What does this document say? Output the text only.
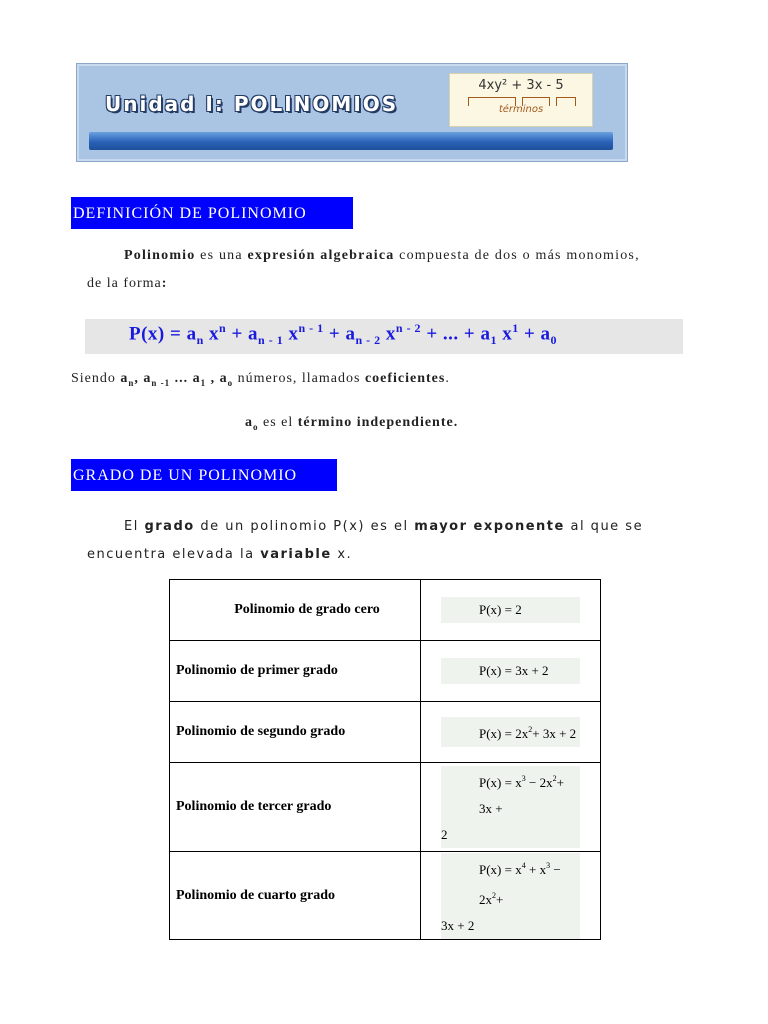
Unidad I: POLINOMIOS
4xy² + 3x - 5
términos
DEFINICIÓN DE POLINOMIO
Polinomio es una expresión algebraica compuesta de dos o más monomios,
de la forma:
$P(x) = a_n$ $x^n + a_{n - 1}$ $x^{n - 1} + a_{n - 2}$ $x^{n - 2}$ + ... + $a_1$ $x^1 + a_0$
Siendo $a_n$, $a_{n -1}$ ... $a_1$ , $a_o$ números, llamados coeficientes.
$a_o$ es el término independiente.
GRADO DE UN POLINOMIO
El grado de un polinomio P(x) es el mayor exponente al que se
encuentra elevada la variable x.
Polinomio de grado cero	P(x) = 2

Polinomio de primer grado	P(x) = 3x + 2

Polinomio de segundo grado	$P(x) = 2x^2+ 3x + 2$

Polinomio de tercer grado	$P(x) = x^3 - 2x^2+ 3x$ +
2

Polinomio de cuarto grado	$P(x) = x^4 + x^3 - 2x^2+$
3x + 2
